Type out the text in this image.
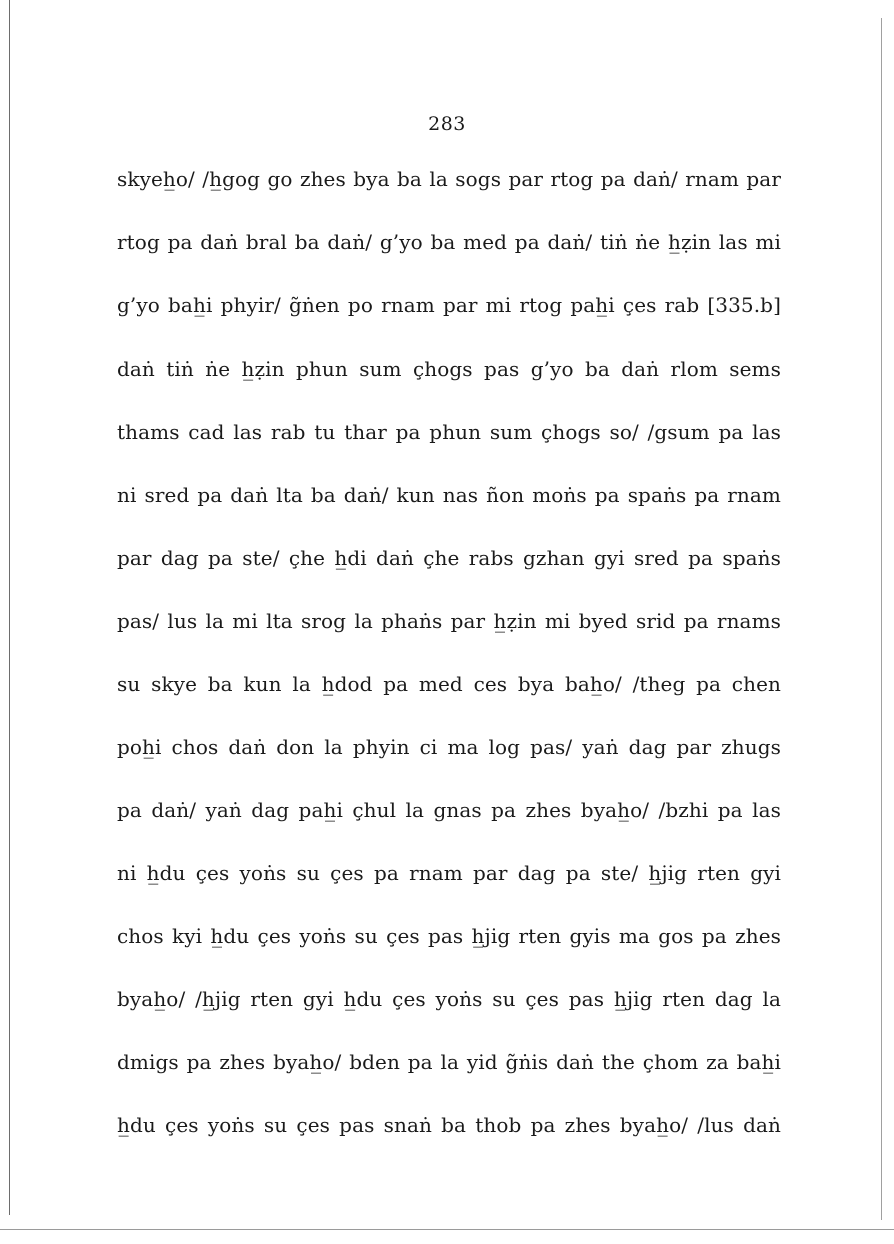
283
skyeh̲o/ /h̲gog go zhes bya ba la sogs par rtog pa daṅ/ rnam par
rtog pa daṅ bral ba daṅ/ g’yo ba med pa daṅ/ tiṅ ṅe h̲ẓin las mi
g’yo bah̲i phyir/ g̃ṅen po rnam par mi rtog pah̲i çes rab [335.b]
daṅ tiṅ ṅe h̲ẓin phun sum çhogs pas g’yo ba daṅ rlom sems
thams cad las rab tu thar pa phun sum çhogs so/ /gsum pa las
ni sred pa daṅ lta ba daṅ/ kun nas ñon moṅs pa spaṅs pa rnam
par dag pa ste/ çhe h̲di daṅ çhe rabs gzhan gyi sred pa spaṅs
pas/ lus la mi lta srog la phaṅs par h̲ẓin mi byed srid pa rnams
su skye ba kun la h̲dod pa med ces bya bah̲o/ /theg pa chen
poh̲i chos daṅ don la phyin ci ma log pas/ yaṅ dag par zhugs
pa daṅ/ yaṅ dag pah̲i çhul la gnas pa zhes byah̲o/ /bzhi pa las
ni h̲du çes yoṅs su çes pa rnam par dag pa ste/ h̲jig rten gyi
chos kyi h̲du çes yoṅs su çes pas h̲jig rten gyis ma gos pa zhes
byah̲o/ /h̲jig rten gyi h̲du çes yoṅs su çes pas h̲jig rten dag la
dmigs pa zhes byah̲o/ bden pa la yid g̃ṅis daṅ the çhom za bah̲i
h̲du çes yoṅs su çes pas snaṅ ba thob pa zhes byah̲o/ /lus daṅ
